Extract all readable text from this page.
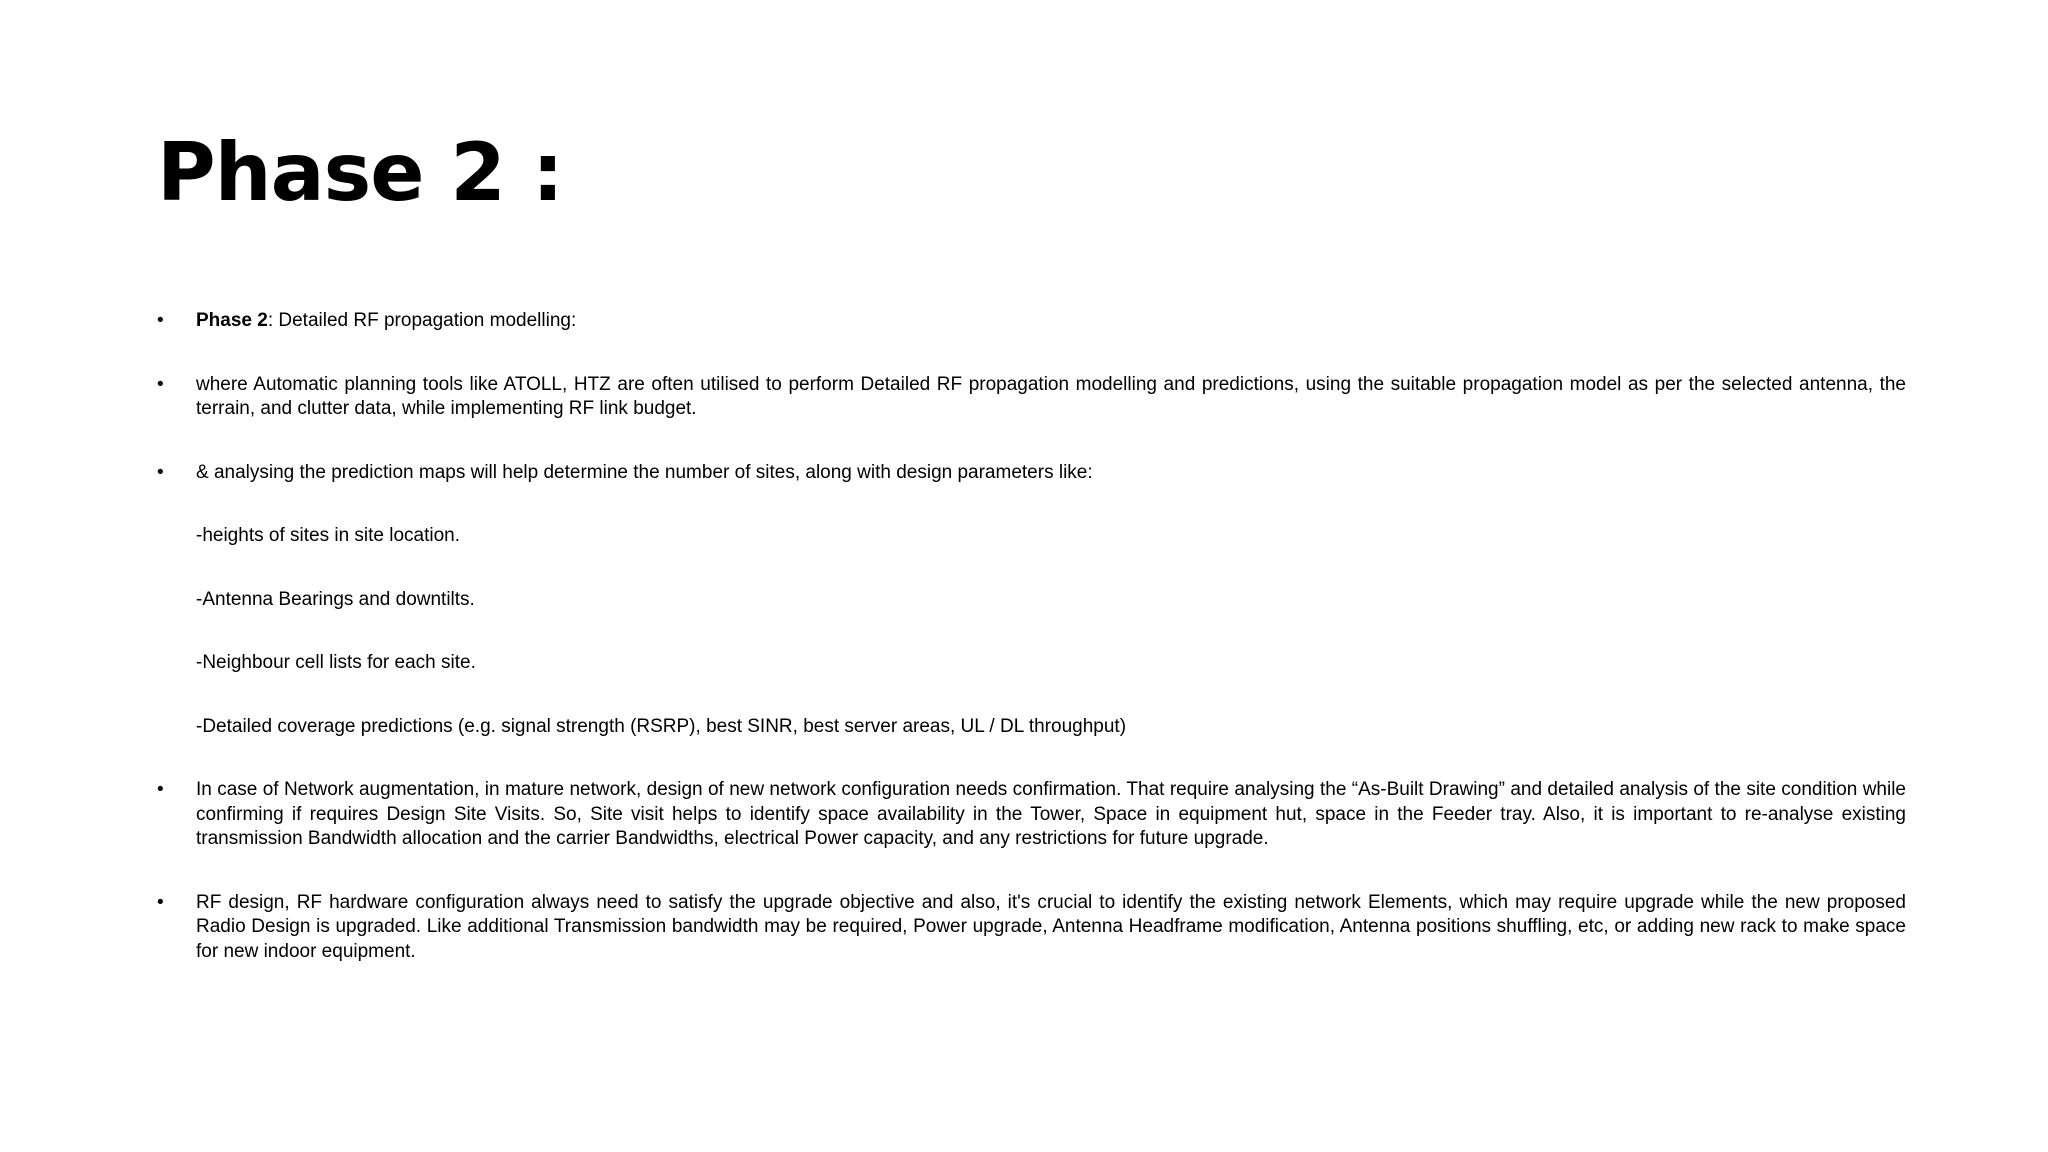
Phase 2 :
•	Phase 2: Detailed RF propagation modelling:
•	where Automatic planning tools like ATOLL, HTZ are often utilised to perform Detailed RF propagation modelling and predictions, using the suitable propagation model as per the selected antenna, the terrain, and clutter data, while implementing RF link budget.
•	& analysing the prediction maps will help determine the number of sites, along with design parameters like:
-heights of sites in site location.
-Antenna Bearings and downtilts.
-Neighbour cell lists for each site.
-Detailed coverage predictions (e.g. signal strength (RSRP), best SINR, best server areas, UL / DL throughput)
•	In case of Network augmentation, in mature network, design of new network configuration needs confirmation. That require analysing the “As-Built Drawing” and detailed analysis of the site condition while confirming if requires Design Site Visits. So, Site visit helps to identify space availability in the Tower, Space in equipment hut, space in the Feeder tray. Also, it is important to re-analyse existing transmission Bandwidth allocation and the carrier Bandwidths, electrical Power capacity, and any restrictions for future upgrade.
•	RF design, RF hardware configuration always need to satisfy the upgrade objective and also, it's crucial to identify the existing network Elements, which may require upgrade while the new proposed Radio Design is upgraded. Like additional Transmission bandwidth may be required, Power upgrade, Antenna Headframe modification, Antenna positions shuffling, etc, or adding new rack to make space for new indoor equipment.
